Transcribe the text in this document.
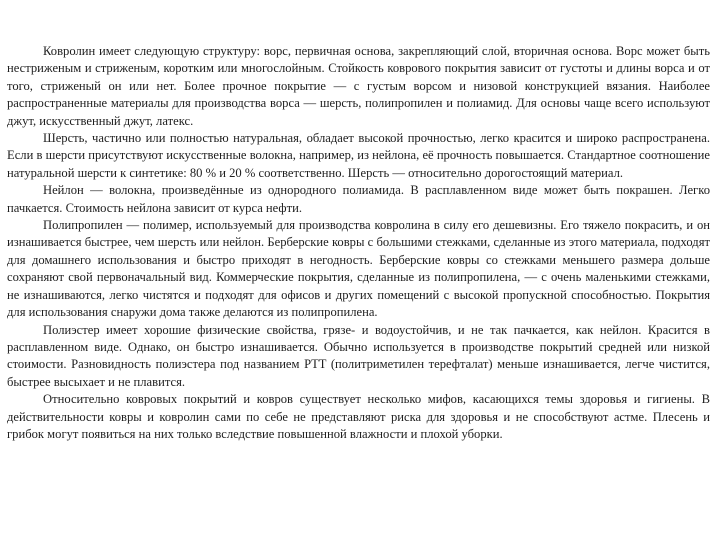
Ковролин имеет следующую структуру: ворс, первичная основа, закрепляющий слой, вторичная основа. Ворс может быть нестриженым и стриженым, коротким или многослойным. Стойкость коврового покрытия зависит от густоты и длины ворса и от того, стриженый он или нет. Более прочное покрытие — с густым ворсом и низовой конструкцией вязания. Наиболее распространенные материалы для производства ворса — шерсть, полипропилен и полиамид. Для основы чаще всего используют джут, искусственный джут, латекс.

Шерсть, частично или полностью натуральная, обладает высокой прочностью, легко красится и широко распространена. Если в шерсти присутствуют искусственные волокна, например, из нейлона, её прочность повышается. Стандартное соотношение натуральной шерсти к синтетике: 80 % и 20 % соответственно. Шерсть — относительно дорогостоящий материал.

Нейлон — волокна, произведённые из однородного полиамида. В расплавленном виде может быть покрашен. Легко пачкается. Стоимость нейлона зависит от курса нефти.

Полипропилен — полимер, используемый для производства ковролина в силу его дешевизны. Его тяжело покрасить, и он изнашивается быстрее, чем шерсть или нейлон. Берберские ковры с большими стежками, сделанные из этого материала, подходят для домашнего использования и быстро приходят в негодность. Берберские ковры со стежками меньшего размера дольше сохраняют свой первоначальный вид. Коммерческие покрытия, сделанные из полипропилена, — с очень маленькими стежками, не изнашиваются, легко чистятся и подходят для офисов и других помещений с высокой пропускной способностью. Покрытия для использования снаружи дома также делаются из полипропилена.

Полиэстер имеет хорошие физические свойства, грязе- и водоустойчив, и не так пачкается, как нейлон. Красится в расплавленном виде. Однако, он быстро изнашивается. Обычно используется в производстве покрытий средней или низкой стоимости. Разновидность полиэстера под названием PTT (политриметилен терефталат) меньше изнашивается, легче чистится, быстрее высыхает и не плавится.

Относительно ковровых покрытий и ковров существует несколько мифов, касающихся темы здоровья и гигиены. В действительности ковры и ковролин сами по себе не представляют риска для здоровья и не способствуют астме. Плесень и грибок могут появиться на них только вследствие повышенной влажности и плохой уборки.
